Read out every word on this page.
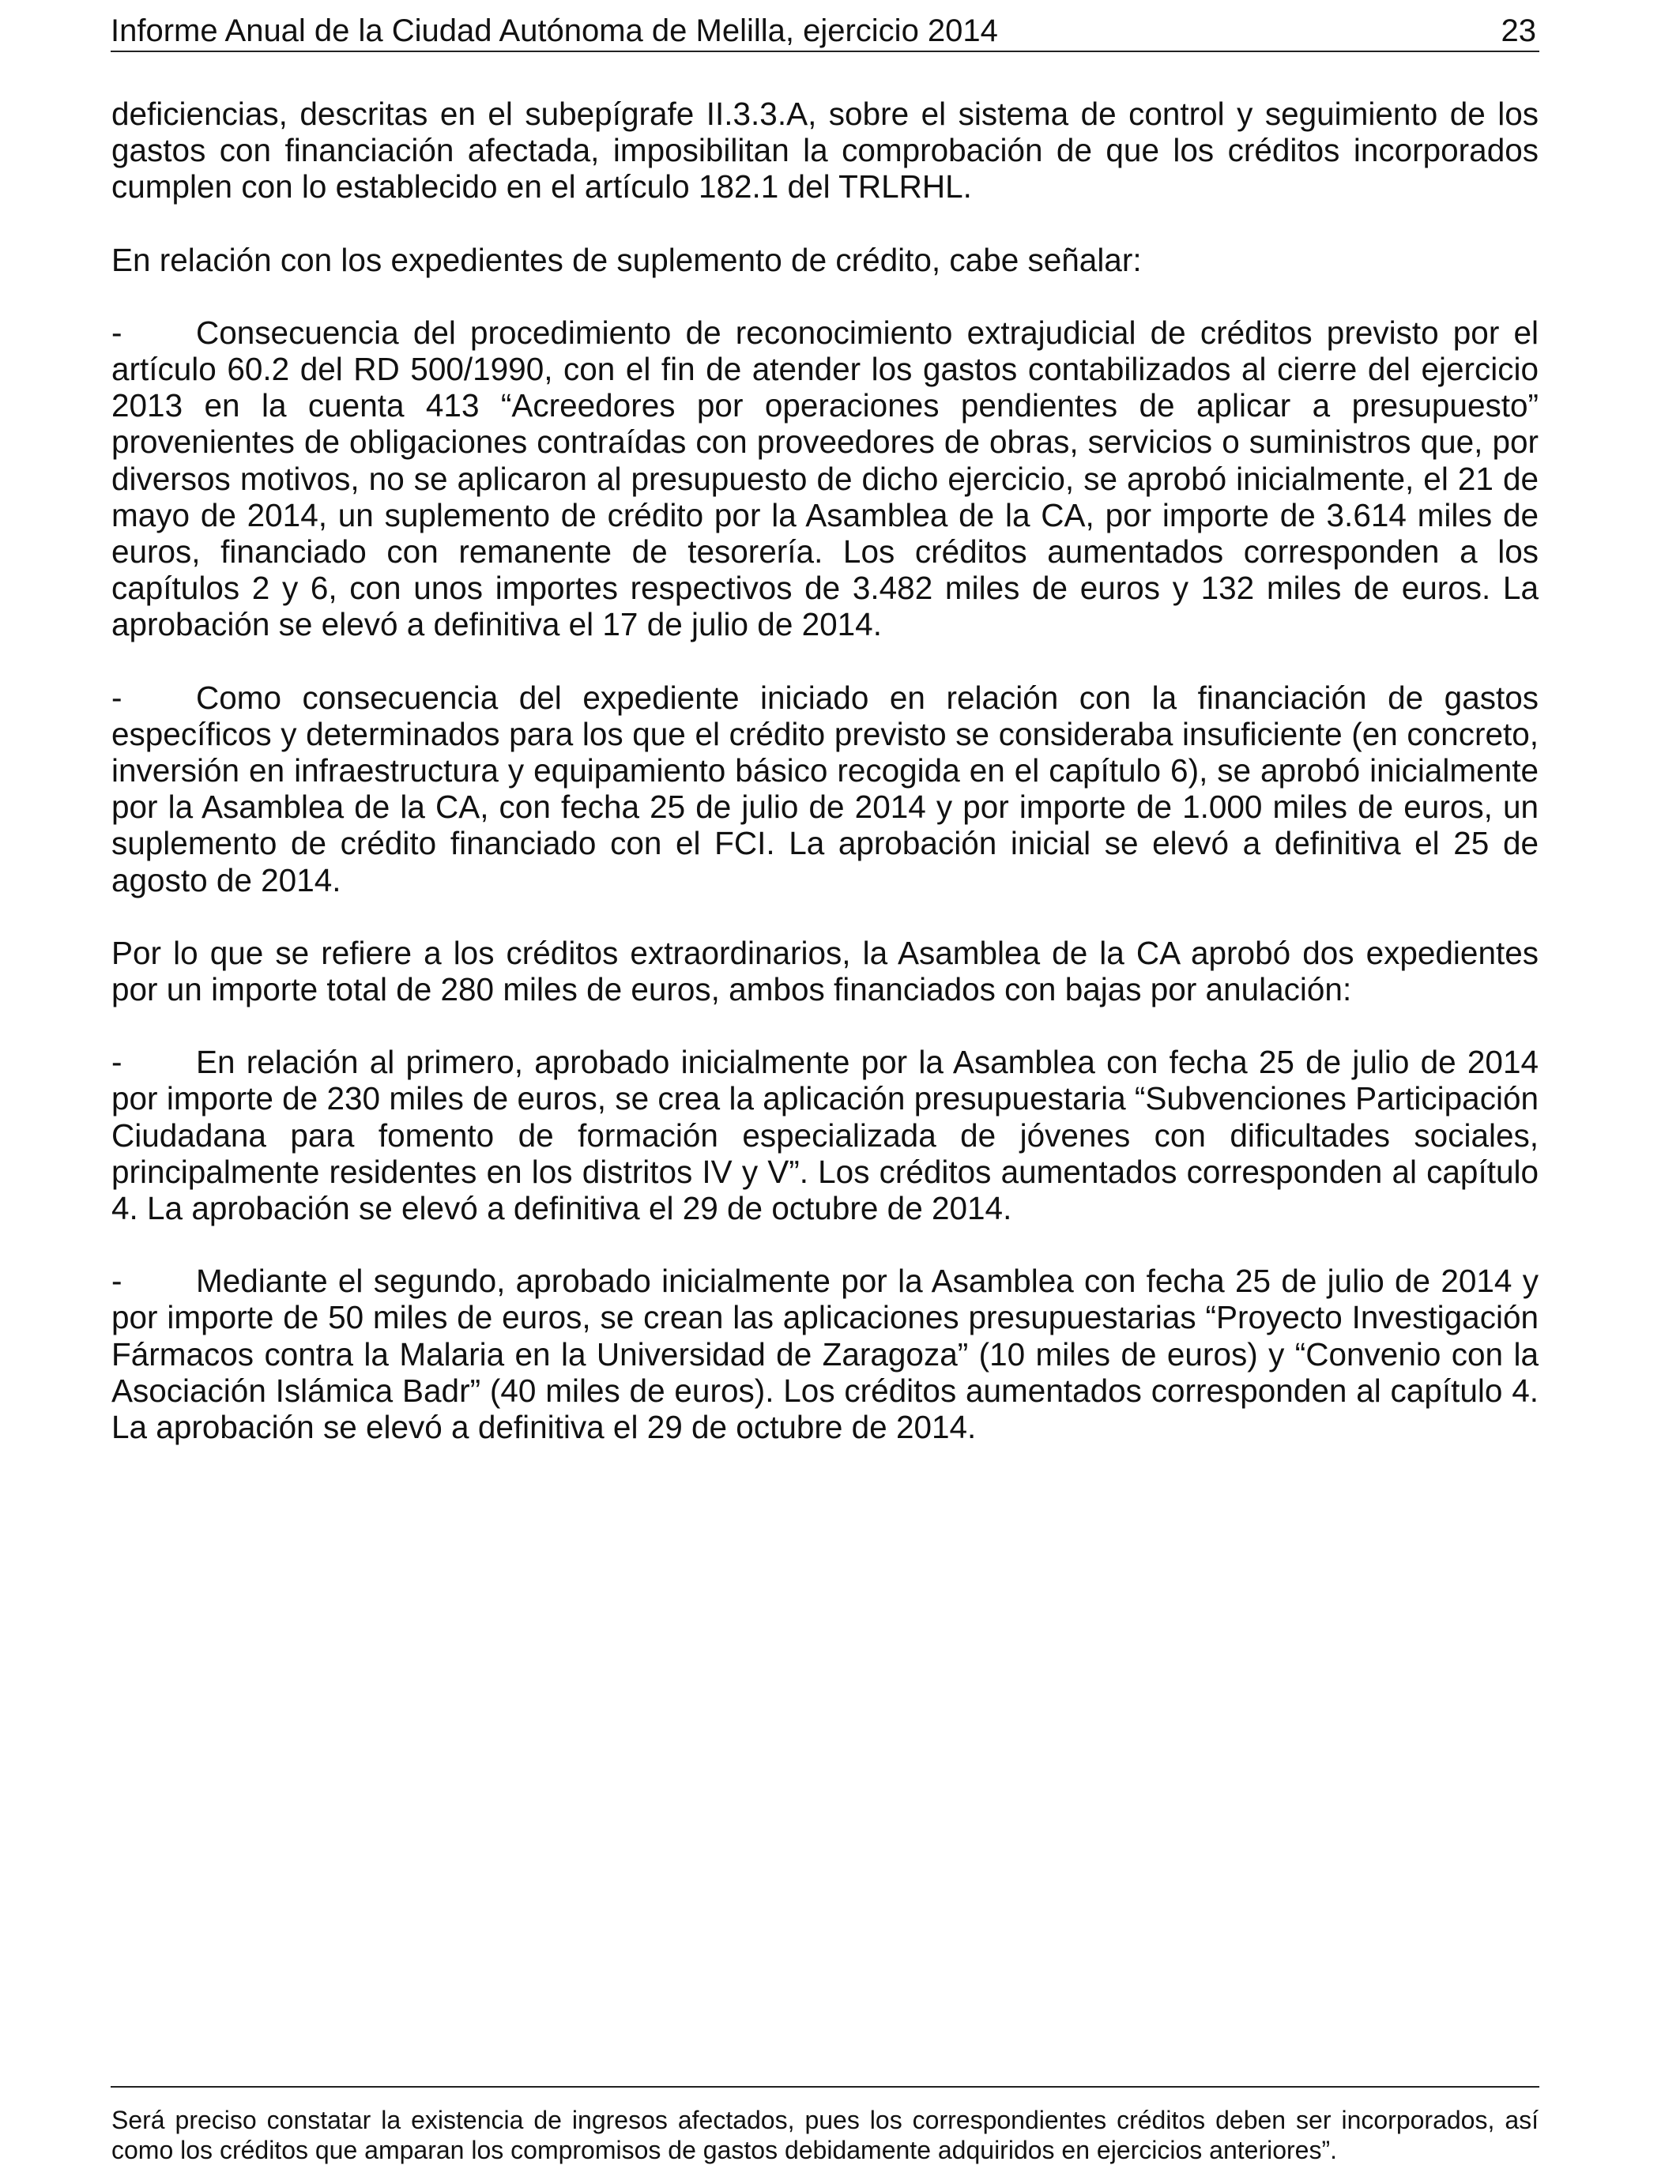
Informe Anual de la Ciudad Autónoma de Melilla, ejercicio 2014	23

deficiencias, descritas en el subepígrafe II.3.3.A, sobre el sistema de control y seguimiento de los gastos con financiación afectada, imposibilitan la comprobación de que los créditos incorporados cumplen con lo establecido en el artículo 182.1 del TRLRHL.

En relación con los expedientes de suplemento de crédito, cabe señalar:

- Consecuencia del procedimiento de reconocimiento extrajudicial de créditos previsto por el artículo 60.2 del RD 500/1990, con el fin de atender los gastos contabilizados al cierre del ejercicio 2013 en la cuenta 413 “Acreedores por operaciones pendientes de aplicar a presupuesto” provenientes de obligaciones contraídas con proveedores de obras, servicios o suministros que, por diversos motivos, no se aplicaron al presupuesto de dicho ejercicio, se aprobó inicialmente, el 21 de mayo de 2014, un suplemento de crédito por la Asamblea de la CA, por importe de 3.614 miles de euros, financiado con remanente de tesorería. Los créditos aumentados corresponden a los capítulos 2 y 6, con unos importes respectivos de 3.482 miles de euros y 132 miles de euros. La aprobación se elevó a definitiva el 17 de julio de 2014.

- Como consecuencia del expediente iniciado en relación con la financiación de gastos específicos y determinados para los que el crédito previsto se consideraba insuficiente (en concreto, inversión en infraestructura y equipamiento básico recogida en el capítulo 6), se aprobó inicialmente por la Asamblea de la CA, con fecha 25 de julio de 2014 y por importe de 1.000 miles de euros, un suplemento de crédito financiado con el FCI. La aprobación inicial se elevó a definitiva el 25 de agosto de 2014.

Por lo que se refiere a los créditos extraordinarios, la Asamblea de la CA aprobó dos expedientes por un importe total de 280 miles de euros, ambos financiados con bajas por anulación:

- En relación al primero, aprobado inicialmente por la Asamblea con fecha 25 de julio de 2014 por importe de 230 miles de euros, se crea la aplicación presupuestaria “Subvenciones Participación Ciudadana para fomento de formación especializada de jóvenes con dificultades sociales, principalmente residentes en los distritos IV y V”. Los créditos aumentados corresponden al capítulo 4. La aprobación se elevó a definitiva el 29 de octubre de 2014.

- Mediante el segundo, aprobado inicialmente por la Asamblea con fecha 25 de julio de 2014 y por importe de 50 miles de euros, se crean las aplicaciones presupuestarias “Proyecto Investigación Fármacos contra la Malaria en la Universidad de Zaragoza” (10 miles de euros) y “Convenio con la Asociación Islámica Badr” (40 miles de euros). Los créditos aumentados corresponden al capítulo 4. La aprobación se elevó a definitiva el 29 de octubre de 2014.

Será preciso constatar la existencia de ingresos afectados, pues los correspondientes créditos deben ser incorporados, así como los créditos que amparan los compromisos de gastos debidamente adquiridos en ejercicios anteriores”.
